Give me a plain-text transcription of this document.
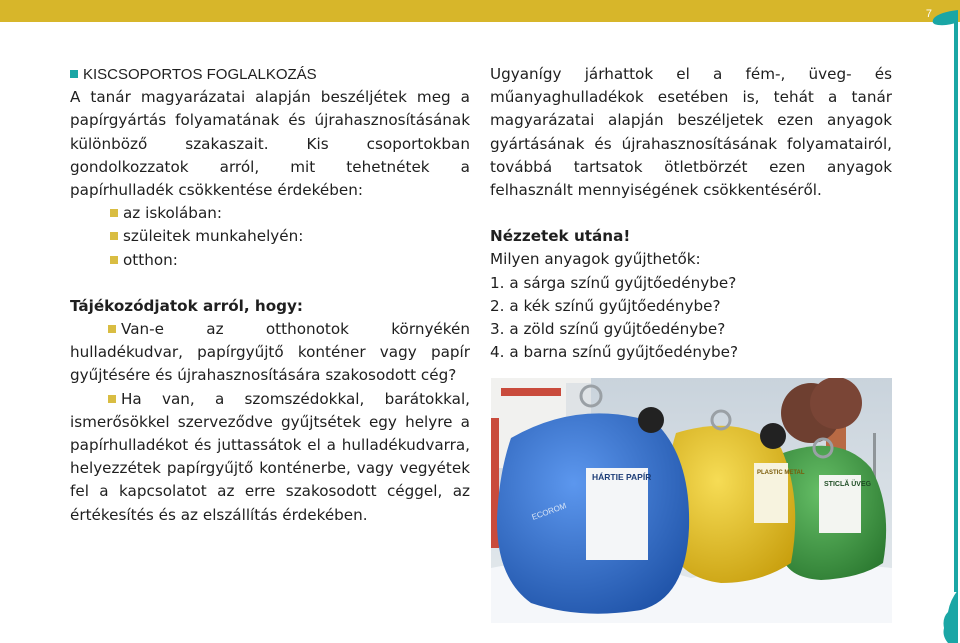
7

KISCSOPORTOS FOGLALKOZÁS

A tanár magyarázatai alapján beszéljétek meg a papírgyártás folyamatának és újrahasznosításának különböző szakaszait. Kis csoportokban gondolkozzatok arról, mit tehetnétek a papírhulladék csökkentése érdekében:

az iskolában:

szüleitek munkahelyén:

otthon:

Tájékozódjatok arról, hogy:

Van-e az otthonotok környékén hulladékudvar, papírgyűjtő konténer vagy papír gyűjtésére és újrahasznosítására szakosodott cég?

Ha van, a szomszédokkal, barátokkal, ismerősökkel szerveződve gyűjtsétek egy helyre a papírhulladékot és juttassátok el a hulladékudvarra, helyezzétek papírgyűjtő konténerbe, vagy vegyétek fel a kapcsolatot az erre szakosodott céggel, az értékesítés és az elszállítás érdekében.

Ugyanígy járhattok el a fém-, üveg- és műanyaghulladékok esetében is, tehát a tanár magyarázatai alapján beszéljetek ezen anyagok gyártásának és újrahasznosításának folyamatairól, továbbá tartsatok ötletbörzét ezen anyagok felhasznált mennyiségének csökkentéséről.

Nézzetek utána!

Milyen anyagok gyűjthetők:

1. a sárga színű gyűjtőedénybe?

2. a kék színű gyűjtőedénybe?

3. a zöld színű gyűjtőedénybe?

4. a barna színű gyűjtőedénybe?

STICLĂ ÜVEG
PLASTIC METAL
HÁRTIE PAPÍR
ECOROM
